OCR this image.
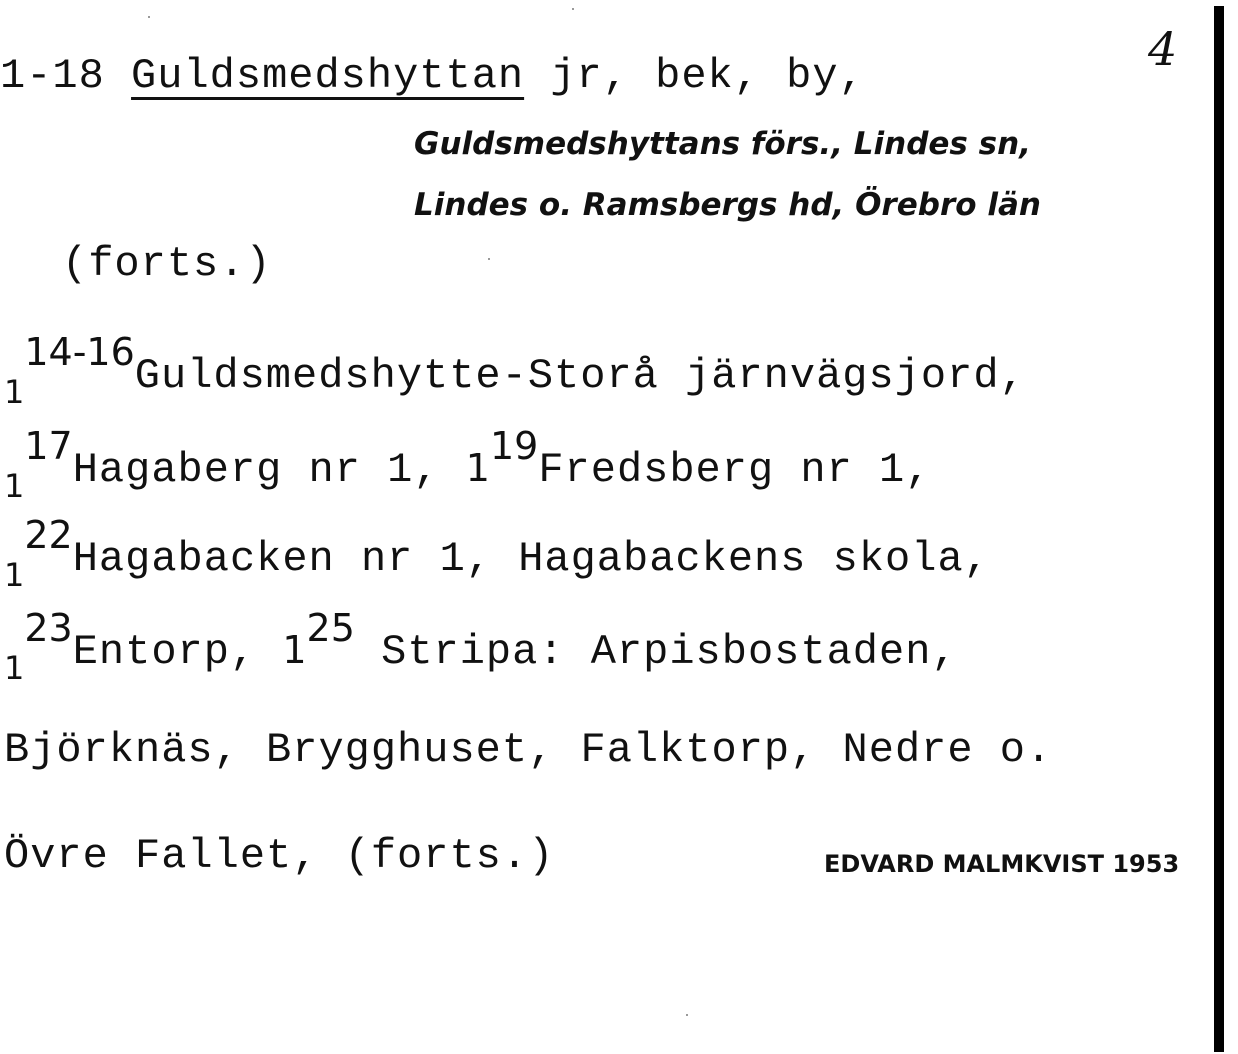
4
1-18 Guldsmedshyttan jr, bek, by,
Guldsmedshyttans förs., Lindes sn,
Lindes o. Ramsbergs hd, Örebro län
(forts.)
$_1$14-16Guldsmedshytte-Storå järnvägsjord,
$_1$17Hagaberg nr 1, 119Fredsberg nr 1,
$_1$22Hagabacken nr 1, Hagabackens skola,
$_1$23Entorp, 125 Stripa: Arpisbostaden,
Björknäs, Brygghuset, Falktorp, Nedre o.
Övre Fallet, (forts.)	EDVARD MALMKVIST 1953
